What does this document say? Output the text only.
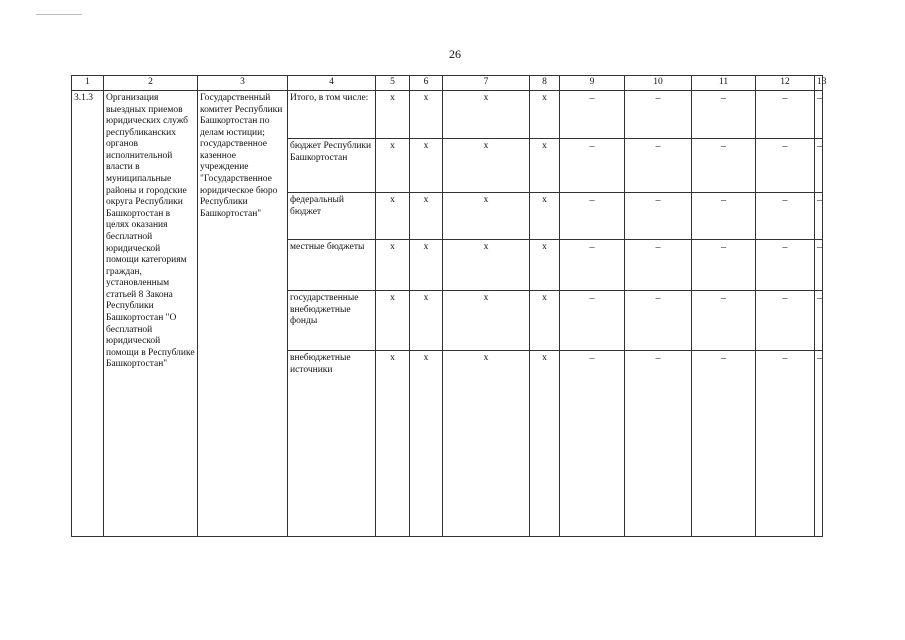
26
1	2	3	4	5	6	7	8	9	10	11	12	13
3.1.3	Организация выездных приемов юридических служб республиканских органов исполнительной власти в муниципальные районы и городские округа Республики Башкортостан в целях оказания бесплатной юридической помощи категориям граждан, установленным статьей 8 Закона Республики Башкортостан "О бесплатной юридической помощи в Республике Башкортостан"	Государственный комитет Республики Башкортостан по делам юстиции; государственное казенное учреждение "Государственное юридическое бюро Республики Башкортостан"	Итого, в том числе:	х	х	х	х	–	–	–	–	–
			бюджет Республики Башкортостан	х	х	х	х	–	–	–	–	–
			федеральный бюджет	х	х	х	х	–	–	–	–	–
			местные бюджеты	х	х	х	х	–	–	–	–	–
			государственные внебюджетные фонды	х	х	х	х	–	–	–	–	–
			внебюджетные источники	х	х	х	х	–	–	–	–	–
